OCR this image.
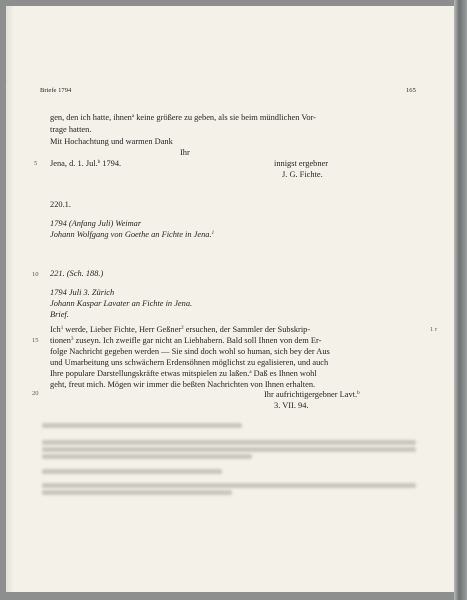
·
Briefe 1794	165
gen, den ich hatte, ihnen$^a$ keine größere zu geben, als sie beim mündlichen Vor-
trage hatten.
Mit Hochachtung und warmen Dank
Ihr
5 Jena, d. 1. Jul.$^b$ 1794.	innigst ergebner
J. G. Fichte.
220.1.
1794 (Anfang Juli) Weimar
Johann Wolfgang von Goethe an Fichte in Jena.$^1$
10 221. (Sch. 188.)
1794 Juli 3. Zürich
Johann Kaspar Lavater an Fichte in Jena.
Brief.
1 r
Ich$^1$ werde, Lieber Fichte, Herr Geßner$^2$ ersuchen, der Sammler der Subskrip-
15 tionen$^3$ zuseyn. Ich zweifle gar nicht an Liebhabern. Bald soll Ihnen von dem Er-
folge Nachricht gegeben werden — Sie sind doch wohl so human, sich bey der Aus
und Umarbeitung uns schwächern Erdensöhnen möglichst zu egalisieren, und auch
Ihre populare Darstellungskräfte etwas mitspielen zu laßen.$^a$ Daß es Ihnen wohl
geht, freut mich. Mögen wir immer die beßten Nachrichten von Ihnen erhalten.
20	Ihr aufrichtigergebner Lavt.$^b$
3. VII. 94.
